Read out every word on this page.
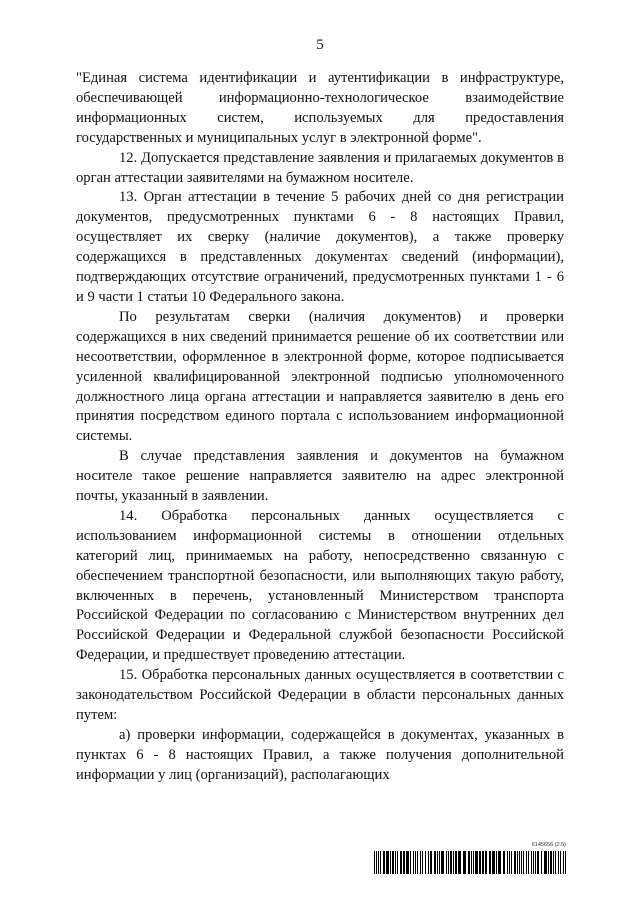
5

"Единая система идентификации и аутентификации в инфраструктуре, обеспечивающей информационно-технологическое взаимодействие информационных систем, используемых для предоставления государственных и муниципальных услуг в электронной форме".

12. Допускается представление заявления и прилагаемых документов в орган аттестации заявителями на бумажном носителе.

13. Орган аттестации в течение 5 рабочих дней со дня регистрации документов, предусмотренных пунктами 6 - 8 настоящих Правил, осуществляет их сверку (наличие документов), а также проверку содержащихся в представленных документах сведений (информации), подтверждающих отсутствие ограничений, предусмотренных пунктами 1 - 6 и 9 части 1 статьи 10 Федерального закона.

По результатам сверки (наличия документов) и проверки содержащихся в них сведений принимается решение об их соответствии или несоответствии, оформленное в электронной форме, которое подписывается усиленной квалифицированной электронной подписью уполномоченного должностного лица органа аттестации и направляется заявителю в день его принятия посредством единого портала с использованием информационной системы.

В случае представления заявления и документов на бумажном носителе такое решение направляется заявителю на адрес электронной почты, указанный в заявлении.

14. Обработка персональных данных осуществляется с использованием информационной системы в отношении отдельных категорий лиц, принимаемых на работу, непосредственно связанную с обеспечением транспортной безопасности, или выполняющих такую работу, включенных в перечень, установленный Министерством транспорта Российской Федерации по согласованию с Министерством внутренних дел Российской Федерации и Федеральной службой безопасности Российской Федерации, и предшествует проведению аттестации.

15. Обработка персональных данных осуществляется в соответствии с законодательством Российской Федерации в области персональных данных путем:

а) проверки информации, содержащейся в документах, указанных в пунктах 6 - 8 настоящих Правил, а также получения дополнительной информации у лиц (организаций), располагающих

6145656 (2.5)
